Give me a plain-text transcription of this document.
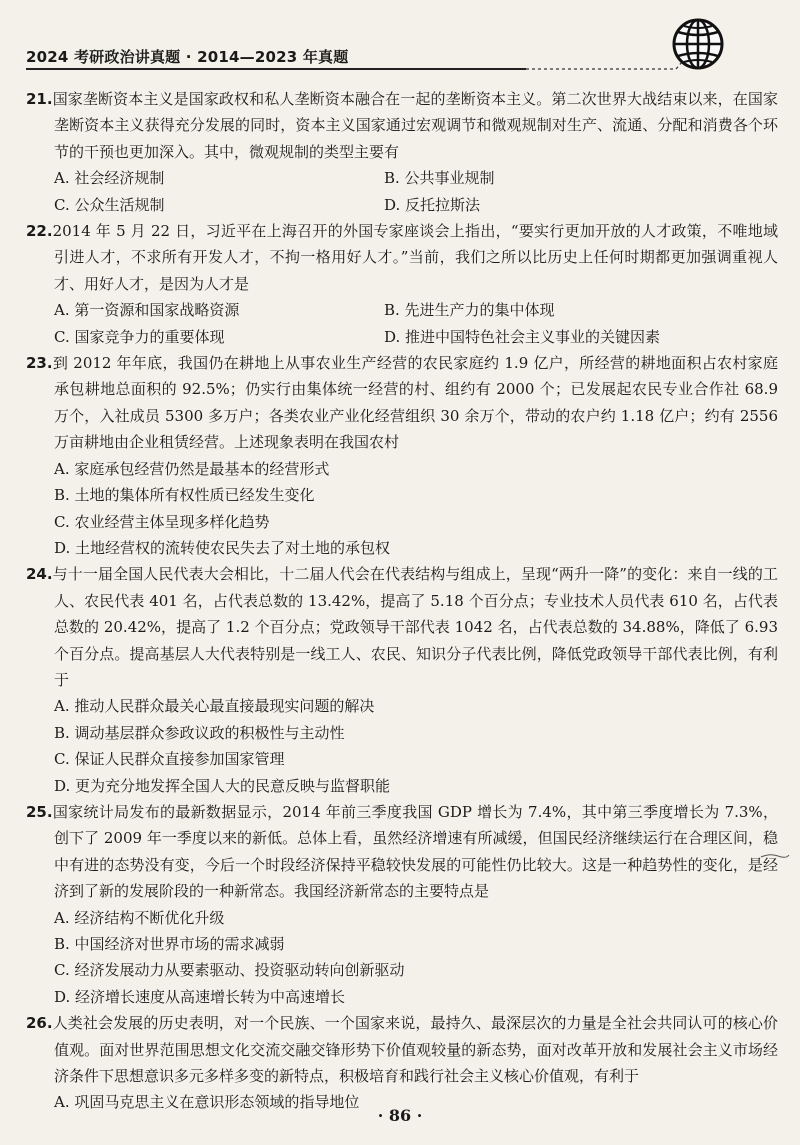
2024 考研政治讲真题 · 2014—2023 年真题

21.国家垄断资本主义是国家政权和私人垄断资本融合在一起的垄断资本主义。第二次世界大战结束以来，在国家垄断资本主义获得充分发展的同时，资本主义国家通过宏观调节和微观规制对生产、流通、分配和消费各个环节的干预也更加深入。其中，微观规制的类型主要有

A. 社会经济规制	B. 公共事业规制
C. 公众生活规制	D. 反托拉斯法

22.2014 年 5 月 22 日，习近平在上海召开的外国专家座谈会上指出，“要实行更加开放的人才政策，不唯地域引进人才，不求所有开发人才，不拘一格用好人才。”当前，我们之所以比历史上任何时期都更加强调重视人才、用好人才，是因为人才是

A. 第一资源和国家战略资源	B. 先进生产力的集中体现
C. 国家竞争力的重要体现	D. 推进中国特色社会主义事业的关键因素

23.到 2012 年年底，我国仍在耕地上从事农业生产经营的农民家庭约 1.9 亿户，所经营的耕地面积占农村家庭承包耕地总面积的 92.5%；仍实行由集体统一经营的村、组约有 2000 个；已发展起农民专业合作社 68.9 万个，入社成员 5300 多万户；各类农业产业化经营组织 30 余万个，带动的农户约 1.18 亿户；约有 2556 万亩耕地由企业租赁经营。上述现象表明在我国农村

A. 家庭承包经营仍然是最基本的经营形式
B. 土地的集体所有权性质已经发生变化
C. 农业经营主体呈现多样化趋势
D. 土地经营权的流转使农民失去了对土地的承包权

24.与十一届全国人民代表大会相比，十二届人代会在代表结构与组成上，呈现“两升一降”的变化：来自一线的工人、农民代表 401 名，占代表总数的 13.42%，提高了 5.18 个百分点；专业技术人员代表 610 名，占代表总数的 20.42%，提高了 1.2 个百分点；党政领导干部代表 1042 名，占代表总数的 34.88%，降低了 6.93 个百分点。提高基层人大代表特别是一线工人、农民、知识分子代表比例，降低党政领导干部代表比例，有利于

A. 推动人民群众最关心最直接最现实问题的解决
B. 调动基层群众参政议政的积极性与主动性
C. 保证人民群众直接参加国家管理
D. 更为充分地发挥全国人大的民意反映与监督职能

25.国家统计局发布的最新数据显示，2014 年前三季度我国 GDP 增长为 7.4%，其中第三季度增长为 7.3%，创下了 2009 年一季度以来的新低。总体上看，虽然经济增速有所减缓，但国民经济继续运行在合理区间，稳中有进的态势没有变，今后一个时段经济保持平稳较快发展的可能性仍比较大。这是一种趋势性的变化，是经济到了新的发展阶段的一种新常态。我国经济新常态的主要特点是

A. 经济结构不断优化升级
B. 中国经济对世界市场的需求减弱
C. 经济发展动力从要素驱动、投资驱动转向创新驱动
D. 经济增长速度从高速增长转为中高速增长

26.人类社会发展的历史表明，对一个民族、一个国家来说，最持久、最深层次的力量是全社会共同认可的核心价值观。面对世界范围思想文化交流交融交锋形势下价值观较量的新态势，面对改革开放和发展社会主义市场经济条件下思想意识多元多样多变的新特点，积极培育和践行社会主义核心价值观，有利于

A. 巩固马克思主义在意识形态领域的指导地位
· 86 ·
